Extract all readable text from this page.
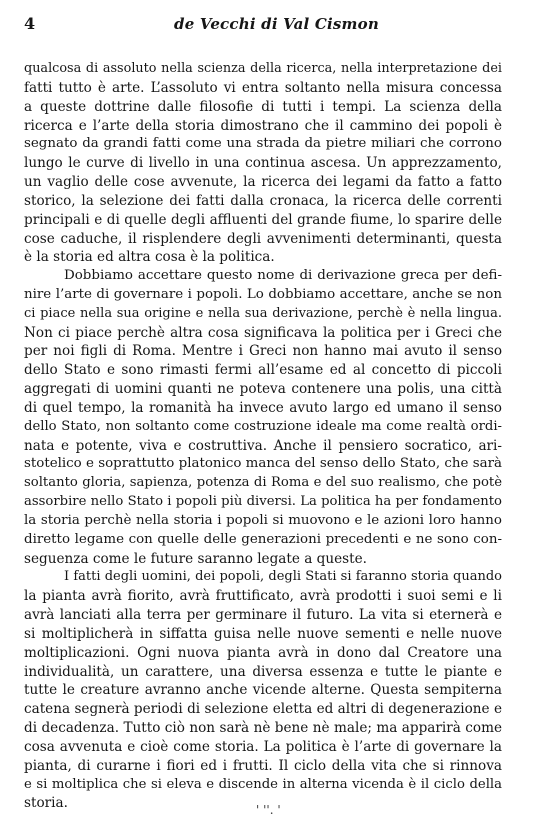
4	de Vecchi di Val Cismon
qualcosa di assoluto nella scienza della ricerca, nella interpretazione dei
fatti tutto è arte. L’assoluto vi entra soltanto nella misura concessa
a queste dottrine dalle filosofie di tutti i tempi. La scienza della
ricerca e l’arte della storia dimostrano che il cammino dei popoli è
segnato da grandi fatti come una strada da pietre miliari che corrono
lungo le curve di livello in una continua ascesa. Un apprezzamento,
un vaglio delle cose avvenute, la ricerca dei legami da fatto a fatto
storico, la selezione dei fatti dalla cronaca, la ricerca delle correnti
principali e di quelle degli affluenti del grande fiume, lo sparire delle
cose caduche, il risplendere degli avvenimenti determinanti, questa
è la storia ed altra cosa è la politica.
Dobbiamo accettare questo nome di derivazione greca per defi-
nire l’arte di governare i popoli. Lo dobbiamo accettare, anche se non
ci piace nella sua origine e nella sua derivazione, perchè è nella lingua.
Non ci piace perchè altra cosa significava la politica per i Greci che
per noi figli di Roma. Mentre i Greci non hanno mai avuto il senso
dello Stato e sono rimasti fermi all’esame ed al concetto di piccoli
aggregati di uomini quanti ne poteva contenere una polis, una città
di quel tempo, la romanità ha invece avuto largo ed umano il senso
dello Stato, non soltanto come costruzione ideale ma come realtà ordi-
nata e potente, viva e costruttiva. Anche il pensiero socratico, ari-
stotelico e soprattutto platonico manca del senso dello Stato, che sarà
soltanto gloria, sapienza, potenza di Roma e del suo realismo, che potè
assorbire nello Stato i popoli più diversi. La politica ha per fondamento
la storia perchè nella storia i popoli si muovono e le azioni loro hanno
diretto legame con quelle delle generazioni precedenti e ne sono con-
seguenza come le future saranno legate a queste.
I fatti degli uomini, dei popoli, degli Stati si faranno storia quando
la pianta avrà fiorito, avrà fruttificato, avrà prodotti i suoi semi e li
avrà lanciati alla terra per germinare il futuro. La vita si eternerà e
si moltiplicherà in siffatta guisa nelle nuove sementi e nelle nuove
moltiplicazioni. Ogni nuova pianta avrà in dono dal Creatore una
individualità, un carattere, una diversa essenza e tutte le piante e
tutte le creature avranno anche vicende alterne. Questa sempiterna
catena segnerà periodi di selezione eletta ed altri di degenerazione e
di decadenza. Tutto ciò non sarà nè bene nè male; ma apparirà come
cosa avvenuta e cioè come storia. La politica è l’arte di governare la
pianta, di curarne i fiori ed i frutti. Il ciclo della vita che si rinnova
e si moltiplica che si eleva e discende in alterna vicenda è il ciclo della
storia.	' ''. '
